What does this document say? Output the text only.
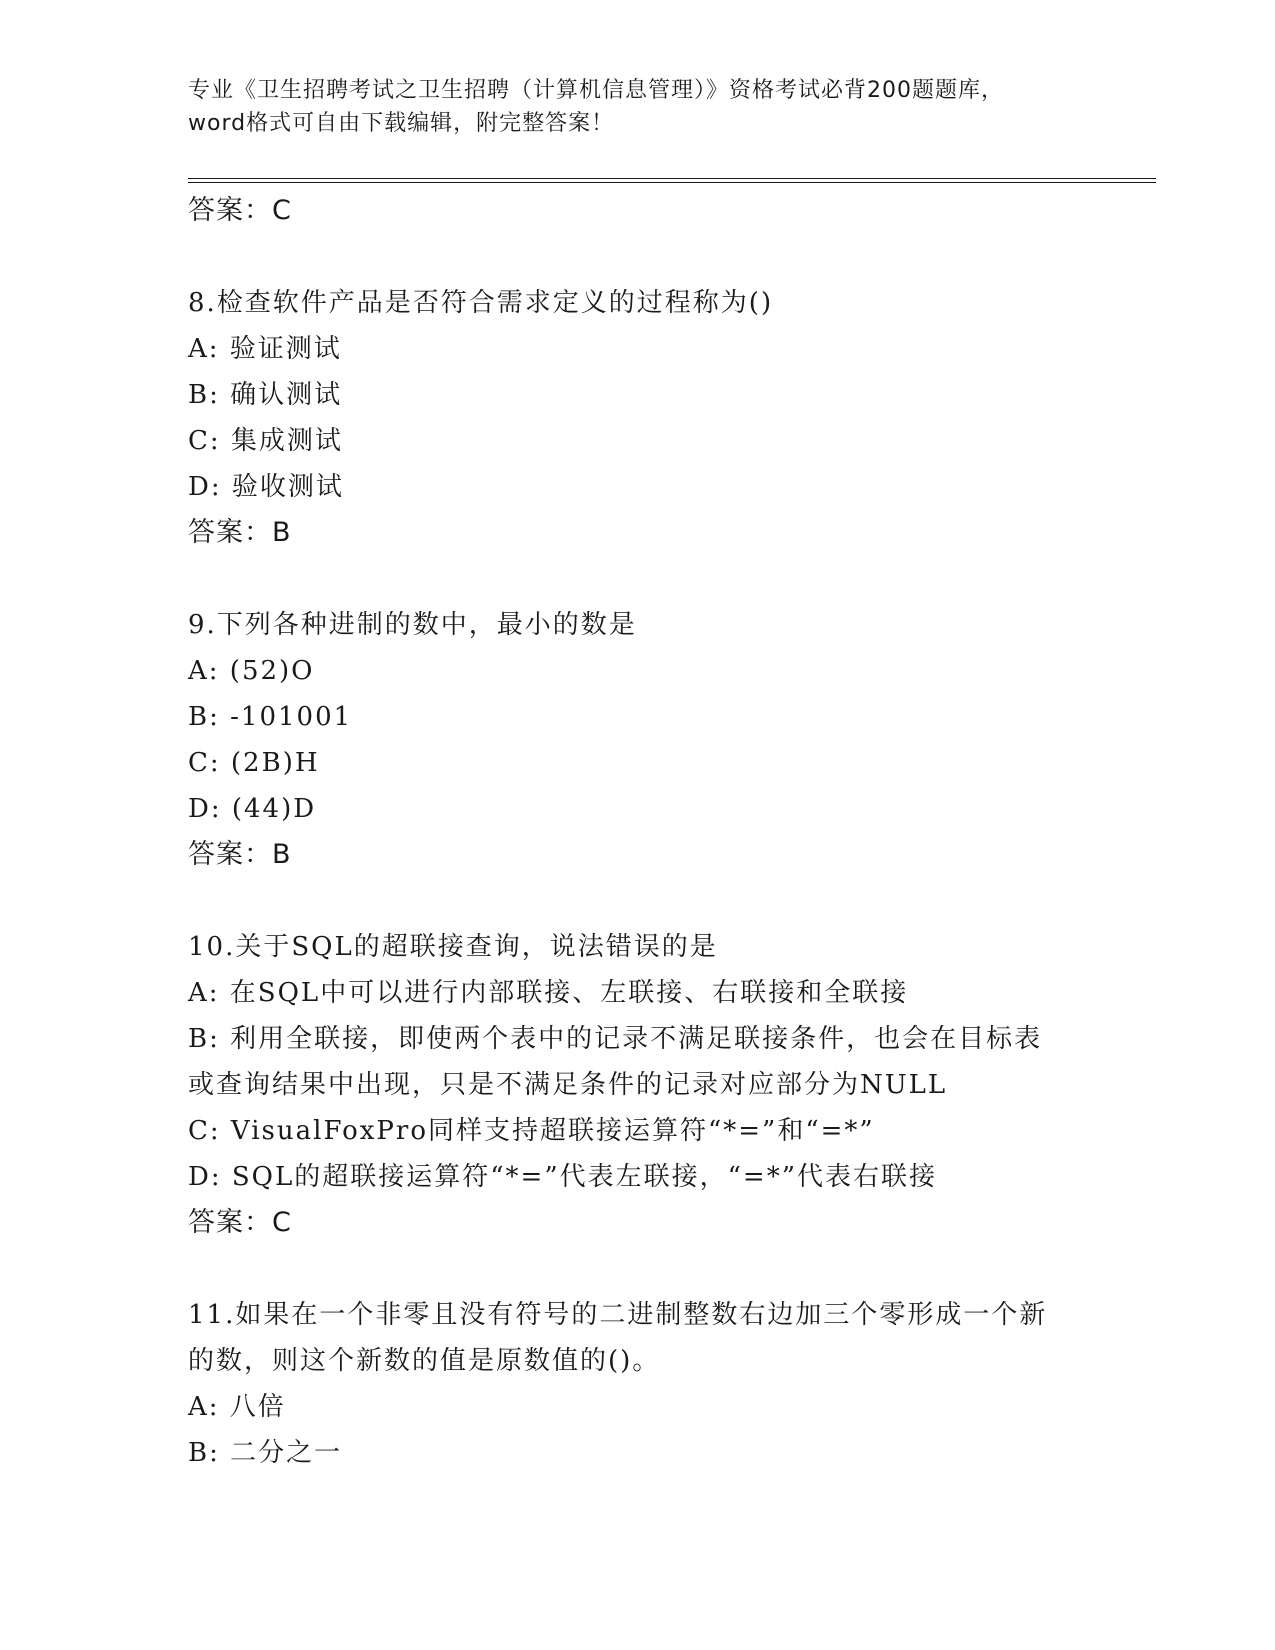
专业《卫生招聘考试之卫生招聘（计算机信息管理）》资格考试必背200题题库，
word格式可自由下载编辑，附完整答案！
答案：C
8.检查软件产品是否符合需求定义的过程称为()
A: 验证测试
B: 确认测试
C: 集成测试
D: 验收测试
答案：B
9.下列各种进制的数中，最小的数是
A: (52)O
B: -101001
C: (2B)H
D: (44)D
答案：B
10.关于SQL的超联接查询，说法错误的是
A: 在SQL中可以进行内部联接、左联接、右联接和全联接
B: 利用全联接，即使两个表中的记录不满足联接条件，也会在目标表
或查询结果中出现，只是不满足条件的记录对应部分为NULL
C: VisualFoxPro同样支持超联接运算符“*=”和“=*”
D: SQL的超联接运算符“*=”代表左联接，“=*”代表右联接
答案：C
11.如果在一个非零且没有符号的二进制整数右边加三个零形成一个新
的数，则这个新数的值是原数值的()。
A: 八倍
B: 二分之一
